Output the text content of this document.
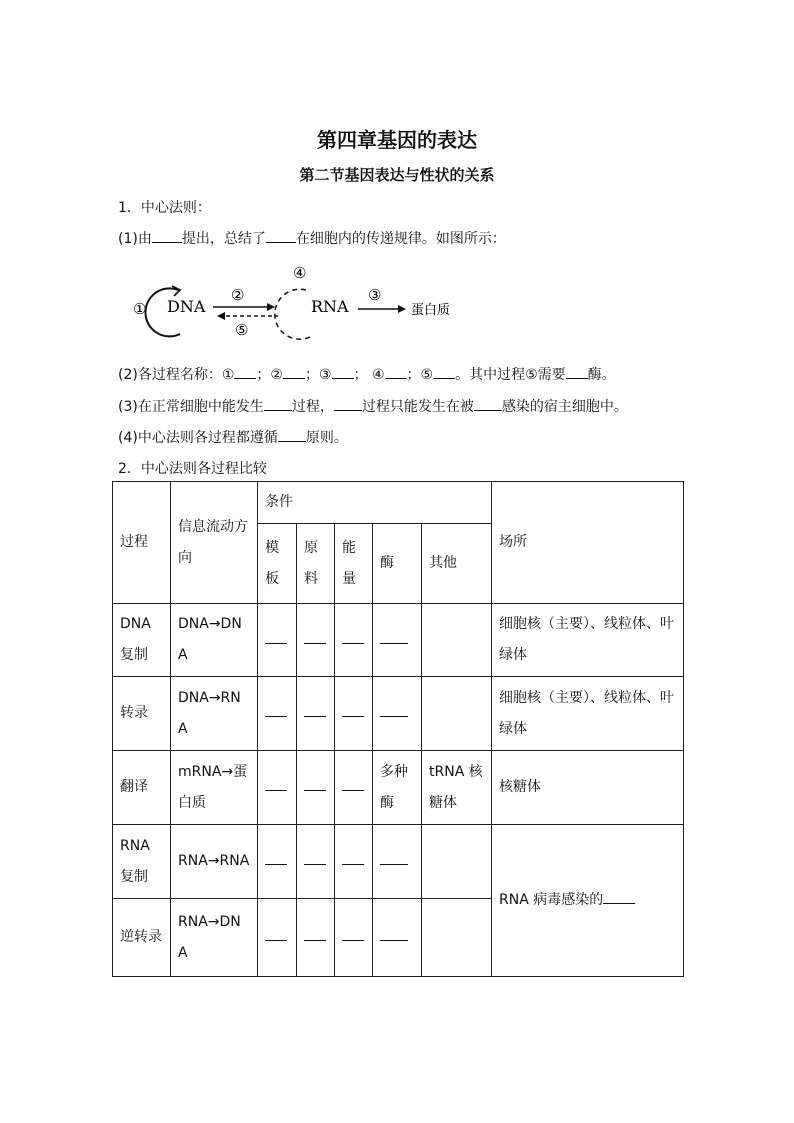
第四章基因的表达
第二节基因表达与性状的关系
1．中心法则：
(1)由 提出，总结了 在细胞内的传递规律。如图所示：
① DNA
②
⑤
④
RNA
③
蛋白质
(2)各过程名称：① ；② ；③ ； ④ ；⑤ 。其中过程⑤需要 酶。
(3)在正常细胞中能发生 过程， 过程只能发生在被 感染的宿主细胞中。
(4)中心法则各过程都遵循 原则。
2．中心法则各过程比较
过程	信息流动方向	条件					场所
		模板	原料	能量	酶	其他	
DNA复制	DNA→DNA						细胞核（主要）、线粒体、叶绿体
转录	DNA→RNA						细胞核（主要）、线粒体、叶绿体
翻译	mRNA→蛋白质				多种酶	tRNA 核糖体	核糖体
RNA复制	RNA→RNA						RNA 病毒感染的
逆转录	RNA→DNA						
